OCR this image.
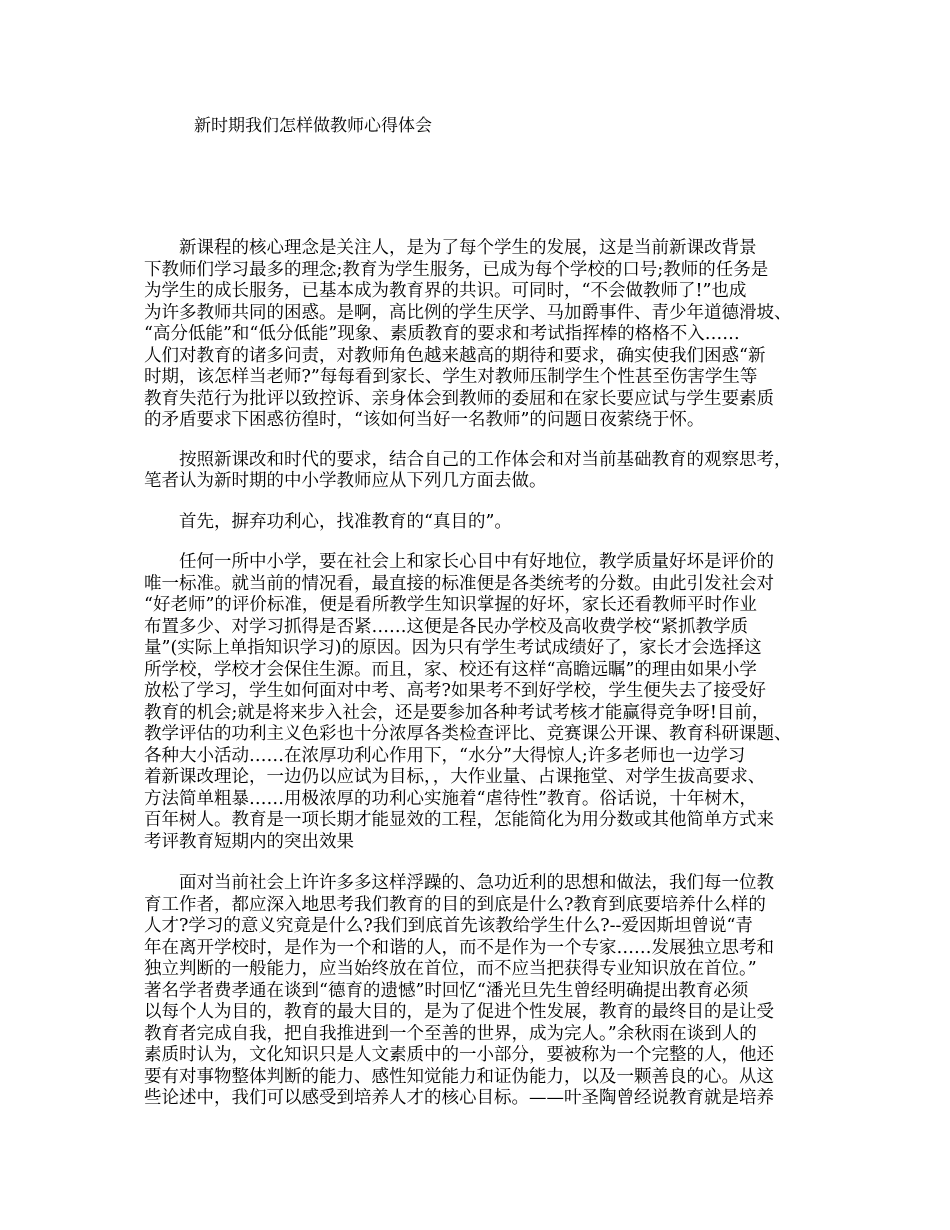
新时期我们怎样做教师心得体会

　　新课程的核心理念是关注人，是为了每个学生的发展，这是当前新课改背景
下教师们学习最多的理念;教育为学生服务，已成为每个学校的口号;教师的任务是
为学生的成长服务，已基本成为教育界的共识。可同时，“不会做教师了!”也成
为许多教师共同的困惑。是啊，高比例的学生厌学、马加爵事件、青少年道德滑坡、
“高分低能”和“低分低能”现象、素质教育的要求和考试指挥棒的格格不入……
人们对教育的诸多问责，对教师角色越来越高的期待和要求，确实使我们困惑“新
时期，该怎样当老师?”每每看到家长、学生对教师压制学生个性甚至伤害学生等
教育失范行为批评以致控诉、亲身体会到教师的委屈和在家长要应试与学生要素质
的矛盾要求下困惑彷徨时，“该如何当好一名教师”的问题日夜萦绕于怀。

　　按照新课改和时代的要求，结合自己的工作体会和对当前基础教育的观察思考，
笔者认为新时期的中小学教师应从下列几方面去做。

　　首先，摒弃功利心，找准教育的“真目的”。

　　任何一所中小学，要在社会上和家长心目中有好地位，教学质量好坏是评价的
唯一标准。就当前的情况看，最直接的标准便是各类统考的分数。由此引发社会对
“好老师”的评价标准，便是看所教学生知识掌握的好坏，家长还看教师平时作业
布置多少、对学习抓得是否紧……这便是各民办学校及高收费学校“紧抓教学质
量”(实际上单指知识学习)的原因。因为只有学生考试成绩好了，家长才会选择这
所学校，学校才会保住生源。而且，家、校还有这样“高瞻远瞩”的理由如果小学
放松了学习，学生如何面对中考、高考?如果考不到好学校，学生便失去了接受好
教育的机会;就是将来步入社会，还是要参加各种考试考核才能赢得竞争呀!目前，
教学评估的功利主义色彩也十分浓厚各类检查评比、竞赛课公开课、教育科研课题、
各种大小活动……在浓厚功利心作用下，“水分”大得惊人;许多老师也一边学习
着新课改理论，一边仍以应试为目标，，大作业量、占课拖堂、对学生拔高要求、
方法简单粗暴……用极浓厚的功利心实施着“虐待性”教育。俗话说，十年树木，
百年树人。教育是一项长期才能显效的工程，怎能简化为用分数或其他简单方式来
考评教育短期内的突出效果

　　面对当前社会上许许多多这样浮躁的、急功近利的思想和做法，我们每一位教
育工作者，都应深入地思考我们教育的目的到底是什么?教育到底要培养什么样的
人才?学习的意义究竟是什么?我们到底首先该教给学生什么?--爱因斯坦曾说“青
年在离开学校时，是作为一个和谐的人，而不是作为一个专家……发展独立思考和
独立判断的一般能力，应当始终放在首位，而不应当把获得专业知识放在首位。”
著名学者费孝通在谈到“德育的遗憾”时回忆“潘光旦先生曾经明确提出教育必须
以每个人为目的，教育的最大目的，是为了促进个性发展，教育的最终目的是让受
教育者完成自我，把自我推进到一个至善的世界，成为完人。”余秋雨在谈到人的
素质时认为，文化知识只是人文素质中的一小部分，要被称为一个完整的人，他还
要有对事物整体判断的能力、感性知觉能力和证伪能力，以及一颗善良的心。从这
些论述中，我们可以感受到培养人才的核心目标。——叶圣陶曾经说教育就是培养
